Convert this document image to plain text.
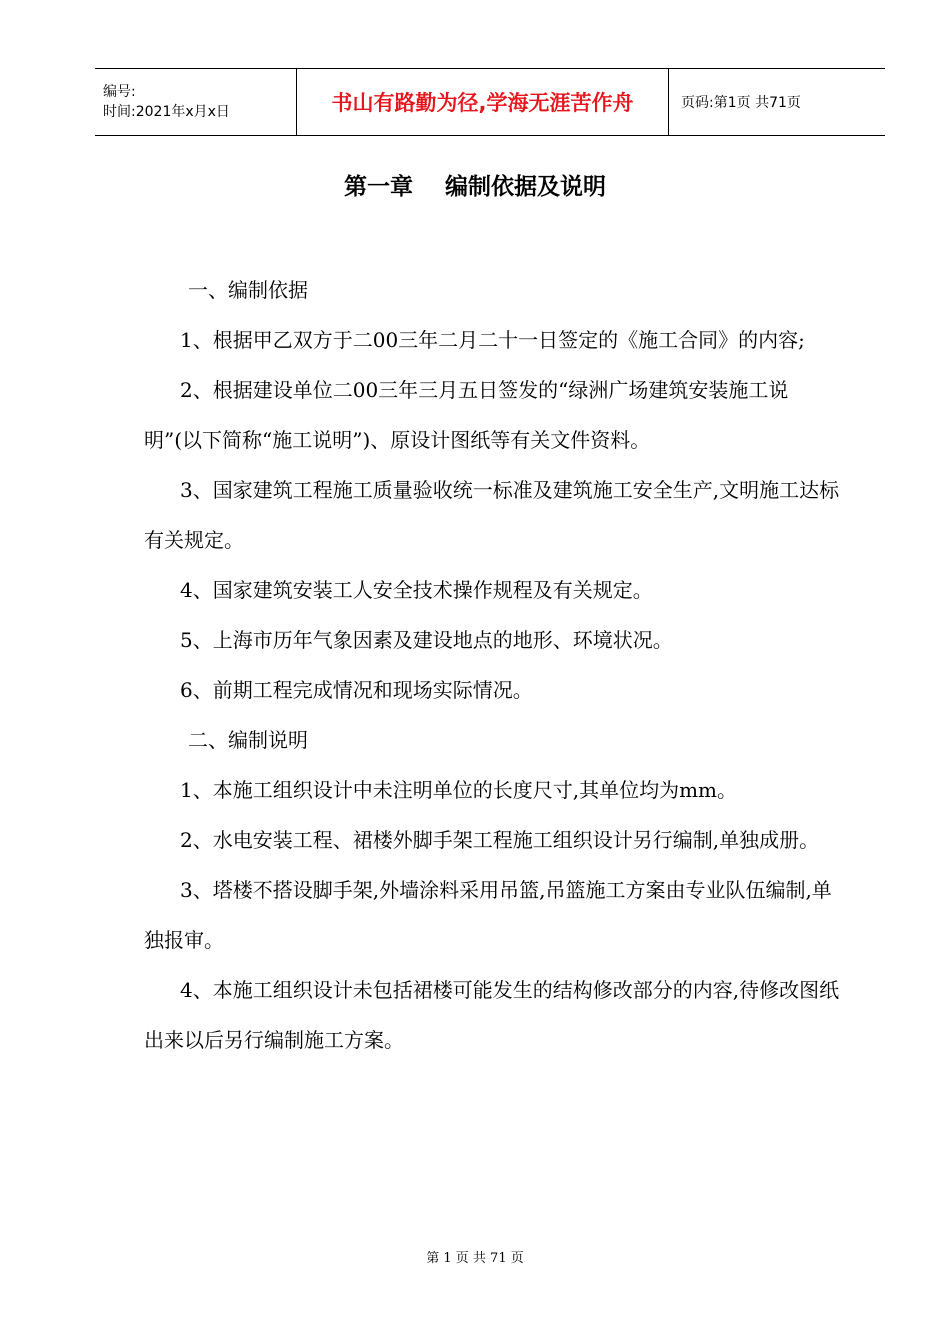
编号:
时间:2021年x月x日	书山有路勤为径,学海无涯苦作舟	页码:第1页 共71页
第一章    编制依据及说明

一、编制依据

1、根据甲乙双方于二00三年二月二十一日签定的《施工合同》的内容;

2、根据建设单位二00三年三月五日签发的“绿洲广场建筑安装施工说明”(以下简称“施工说明”)、原设计图纸等有关文件资料。

3、国家建筑工程施工质量验收统一标准及建筑施工安全生产,文明施工达标有关规定。

4、国家建筑安装工人安全技术操作规程及有关规定。

5、上海市历年气象因素及建设地点的地形、环境状况。

6、前期工程完成情况和现场实际情况。

二、编制说明

1、本施工组织设计中未注明单位的长度尺寸,其单位均为mm。

2、水电安装工程、裙楼外脚手架工程施工组织设计另行编制,单独成册。

3、塔楼不搭设脚手架,外墙涂料采用吊篮,吊篮施工方案由专业队伍编制,单独报审。

4、本施工组织设计未包括裙楼可能发生的结构修改部分的内容,待修改图纸出来以后另行编制施工方案。

第 1 页 共 71 页
